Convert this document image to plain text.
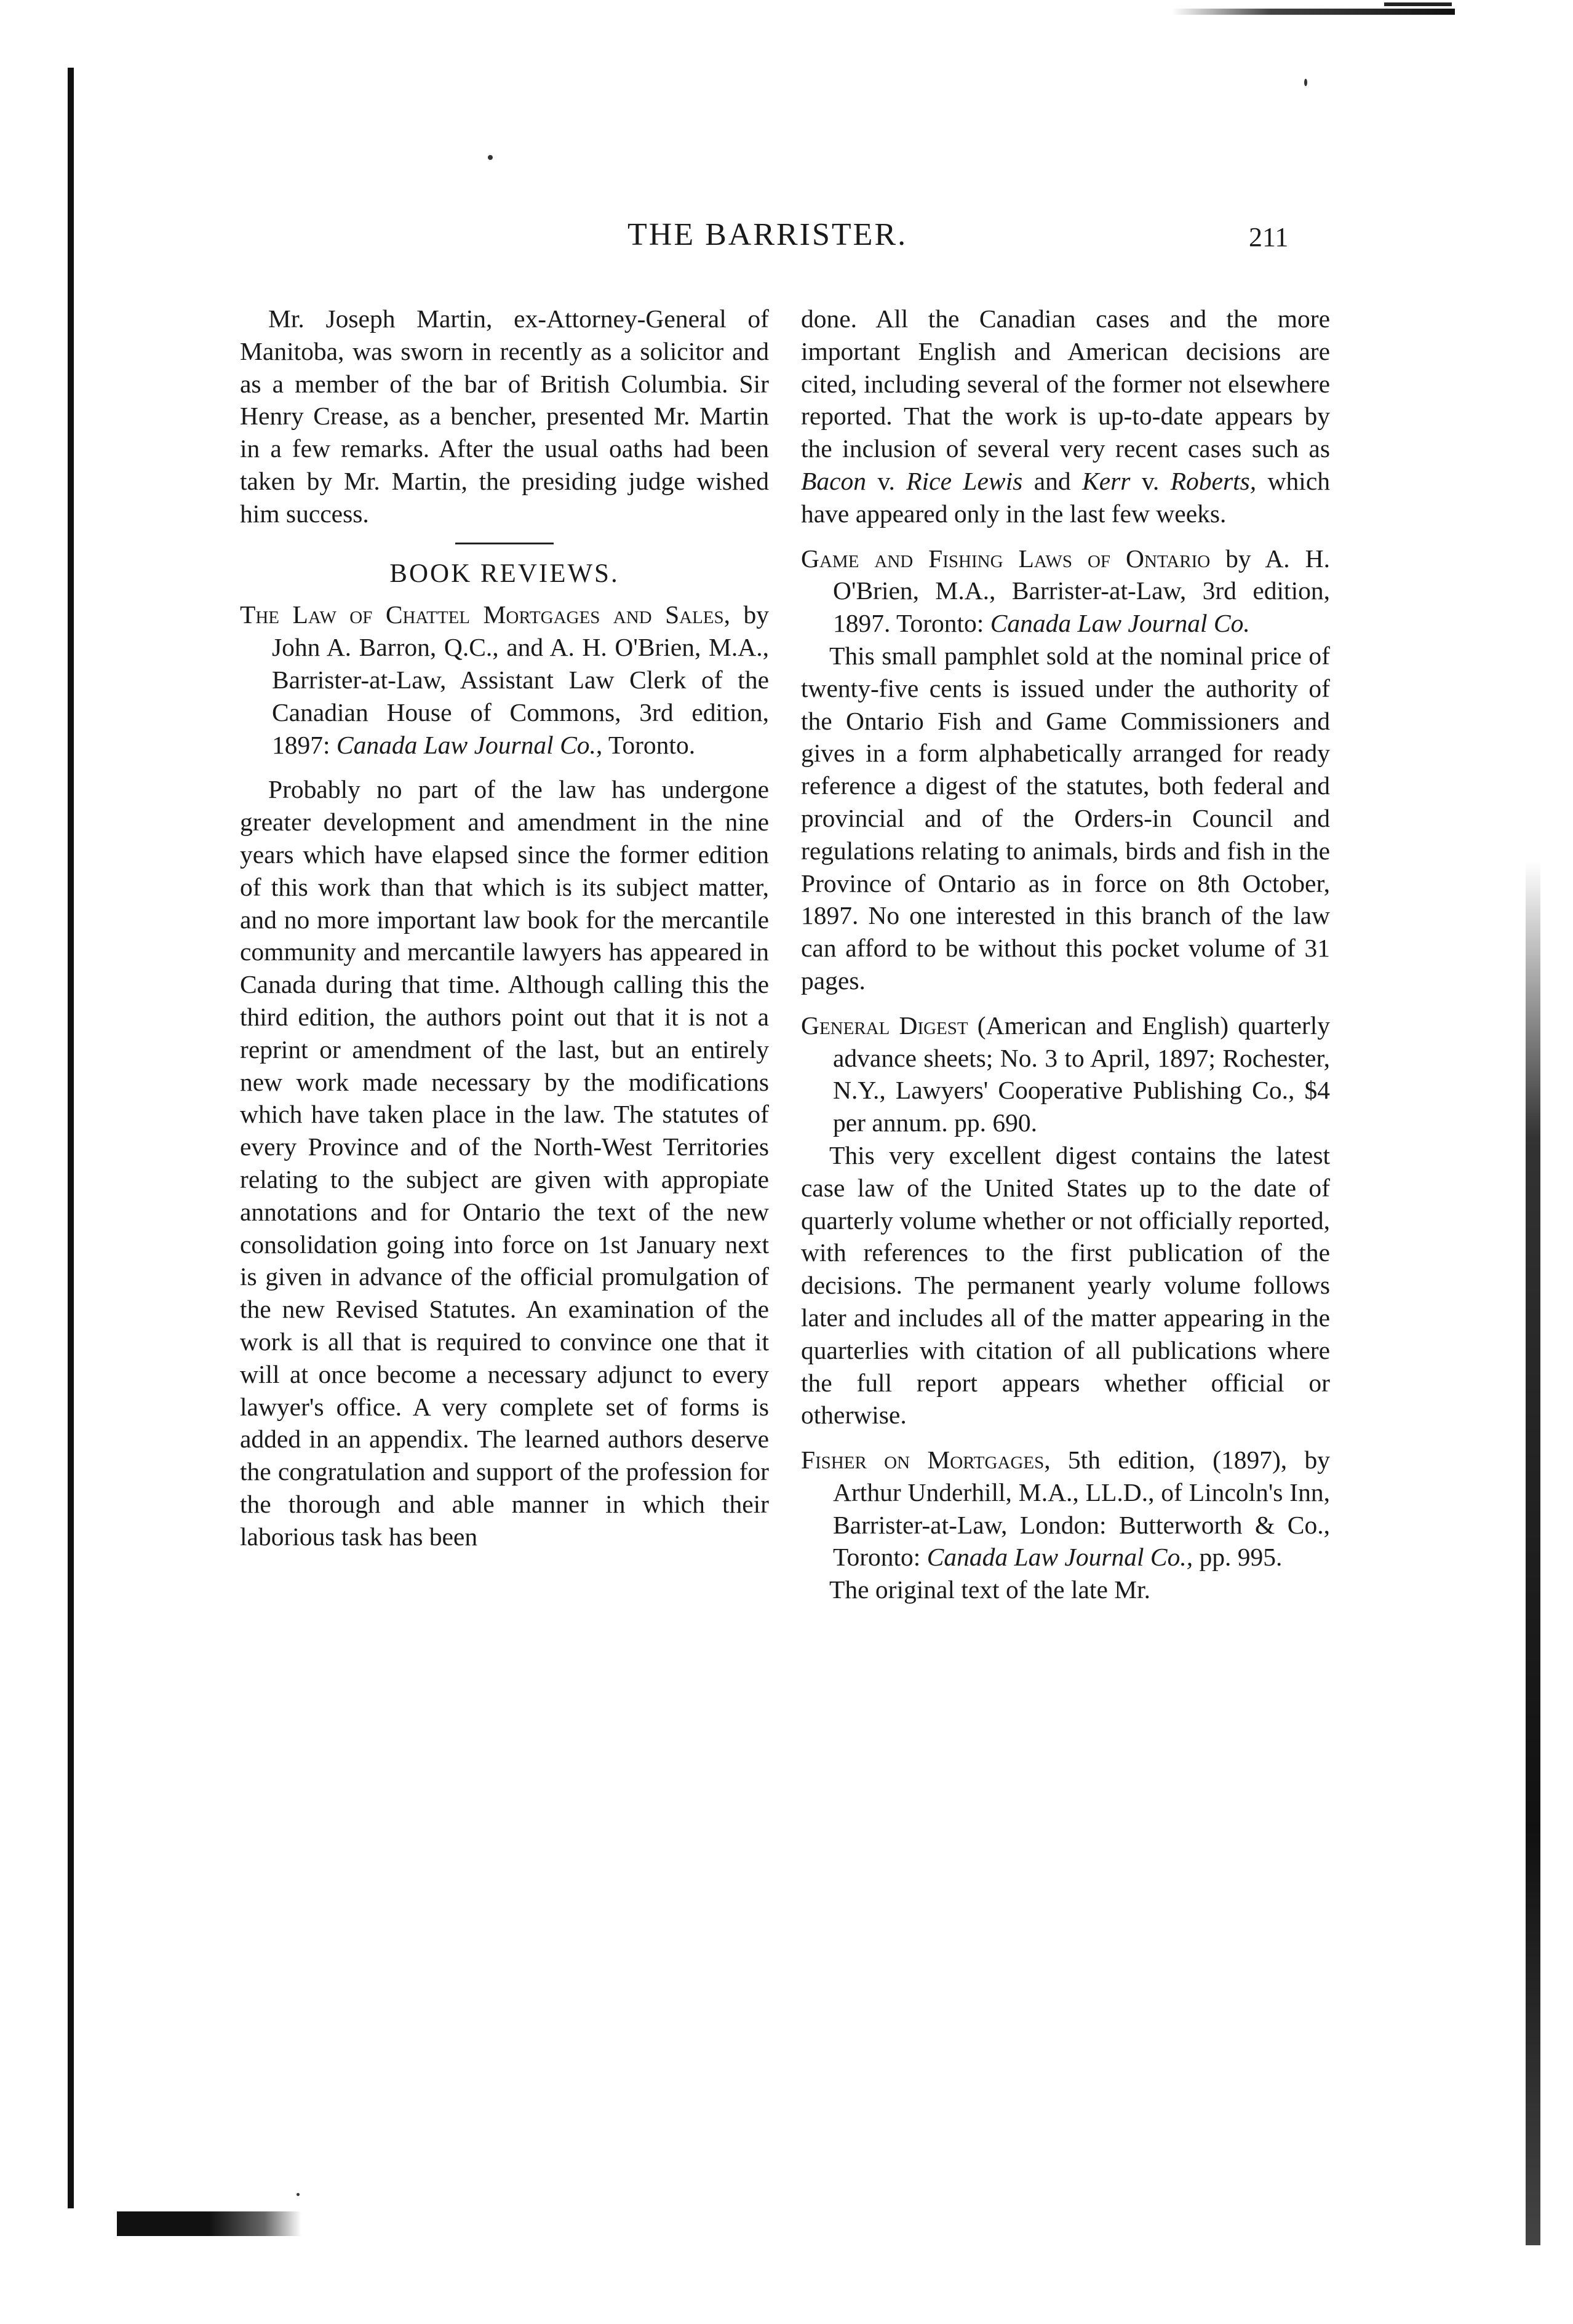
THE BARRISTER.	211

Mr. Joseph Martin, ex-Attorney-General of Manitoba, was sworn in recently as a solicitor and as a member of the bar of British Columbia. Sir Henry Crease, as a bencher, presented Mr. Martin in a few remarks. After the usual oaths had been taken by Mr. Martin, the presiding judge wished him success.

BOOK REVIEWS.

The Law of Chattel Mortgages and Sales, by John A. Barron, Q.C., and A. H. O'Brien, M.A., Barrister-at-Law, Assistant Law Clerk of the Canadian House of Commons, 3rd edition, 1897: Canada Law Journal Co., Toronto.

Probably no part of the law has undergone greater development and amendment in the nine years which have elapsed since the former edition of this work than that which is its subject matter, and no more important law book for the mercantile community and mercantile lawyers has appeared in Canada during that time. Although calling this the third edition, the authors point out that it is not a reprint or amendment of the last, but an entirely new work made necessary by the modifications which have taken place in the law. The statutes of every Province and of the North-West Territories relating to the subject are given with appropiate annotations and for Ontario the text of the new consolidation going into force on 1st January next is given in advance of the official promulgation of the new Revised Statutes. An examination of the work is all that is required to convince one that it will at once become a necessary adjunct to every lawyer's office. A very complete set of forms is added in an appendix. The learned authors deserve the congratulation and support of the profession for the thorough and able manner in which their laborious task has been

done. All the Canadian cases and the more important English and American decisions are cited, including several of the former not elsewhere reported. That the work is up-to-date appears by the inclusion of several very recent cases such as Bacon v. Rice Lewis and Kerr v. Roberts, which have appeared only in the last few weeks.

Game and Fishing Laws of Ontario by A. H. O'Brien, M.A., Barrister-at-Law, 3rd edition, 1897. Toronto: Canada Law Journal Co.

This small pamphlet sold at the nominal price of twenty-five cents is issued under the authority of the Ontario Fish and Game Commissioners and gives in a form alphabetically arranged for ready reference a digest of the statutes, both federal and provincial and of the Orders-in Council and regulations relating to animals, birds and fish in the Province of Ontario as in force on 8th October, 1897. No one interested in this branch of the law can afford to be without this pocket volume of 31 pages.

General Digest (American and English) quarterly advance sheets; No. 3 to April, 1897; Rochester, N.Y., Lawyers' Cooperative Publishing Co., $4 per annum. pp. 690.

This very excellent digest contains the latest case law of the United States up to the date of quarterly volume whether or not officially reported, with references to the first publication of the decisions. The permanent yearly volume follows later and includes all of the matter appearing in the quarterlies with citation of all publications where the full report appears whether official or otherwise.

Fisher on Mortgages, 5th edition, (1897), by Arthur Underhill, M.A., LL.D., of Lincoln's Inn, Barrister-at-Law, London: Butterworth & Co., Toronto: Canada Law Journal Co., pp. 995.

The original text of the late Mr.
